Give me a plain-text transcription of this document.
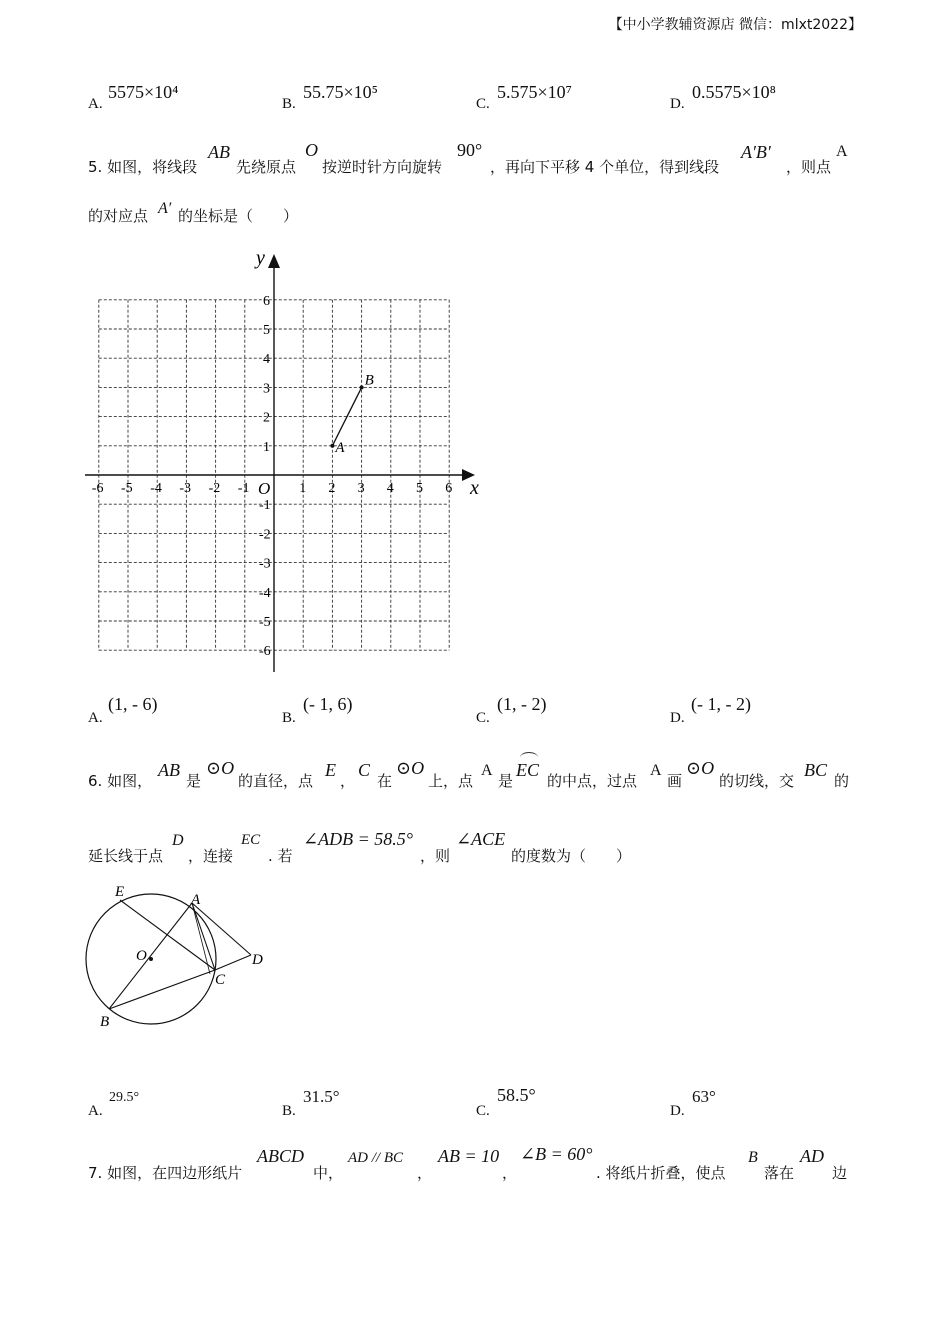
【中小学教辅资源店 微信：mlxt2022】
A.
5575×10⁴
B.
55.75×10⁵
C.
5.575×10⁷
D.
0.5575×10⁸
5. 如图，将线段
AB
先绕原点
O
按逆时针方向旋转
90°
，再向下平移 4 个单位，得到线段
A′B′
，则点
A
的对应点 A′ 的坐标是（　　）
x
y
O
-6 -5 -4 -3 -2 -1	1 2 3 4 5 6
6
5
4
3
2
1
-1
-2
-3
-4
-5
-6
A
B
A.
(1, - 6)
B.
(- 1, 6)
C.
(1, - 2)
D.
(- 1, - 2)
6. 如图，
AB
是
⊙O
的直径，点
E
，
C
在
⊙O
上，点
A
是
EC
的中点，过点
A
画
⊙O
的切线，交
BC
的
延长线于点
D
，连接
EC
. 若
∠ADB = 58.5°
，则
∠ACE
的度数为（　　）
E	A
O	D
C
B
A.
29.5°
B.
31.5°
C.
58.5°
D.
63°
7. 如图，在四边形纸片
ABCD
中，
AD // BC
，
AB = 10
，
∠B = 60°
. 将纸片折叠，使点
B
落在
AD
边
